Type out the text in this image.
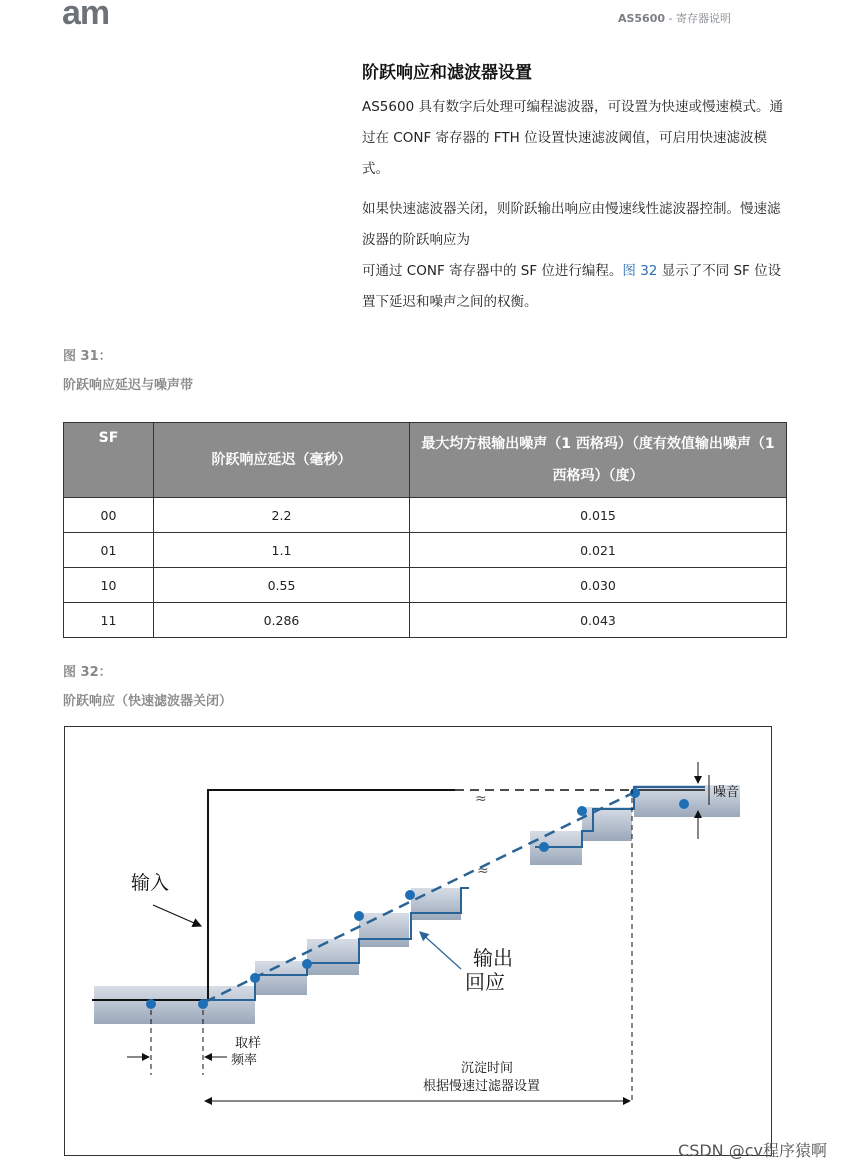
am	AS5600 - 寄存器说明
阶跃响应和滤波器设置
AS5600 具有数字后处理可编程滤波器，可设置为快速或慢速模式。通过在 CONF 寄存器的 FTH 位设置快速滤波阈值，可启用快速滤波模式。
如果快速滤波器关闭，则阶跃输出响应由慢速线性滤波器控制。慢速滤波器的阶跃响应为
可通过 CONF 寄存器中的 SF 位进行编程。图 32 显示了不同 SF 位设置下延迟和噪声之间的权衡。
图 31：
阶跃响应延迟与噪声带
SF	阶跃响应延迟（毫秒）	最大均方根输出噪声（1 西格玛）（度有效值输出噪声（1 西格玛）（度）
00	2.2	0.015
01	1.1	0.021
10	0.55	0.030
11	0.286	0.043
图 32：
阶跃响应（快速滤波器关闭）
≈
≈
输入
输出
回应
噪音
取样
频率
沉淀时间
根据慢速过滤器设置
CSDN @cv程序猿啊
